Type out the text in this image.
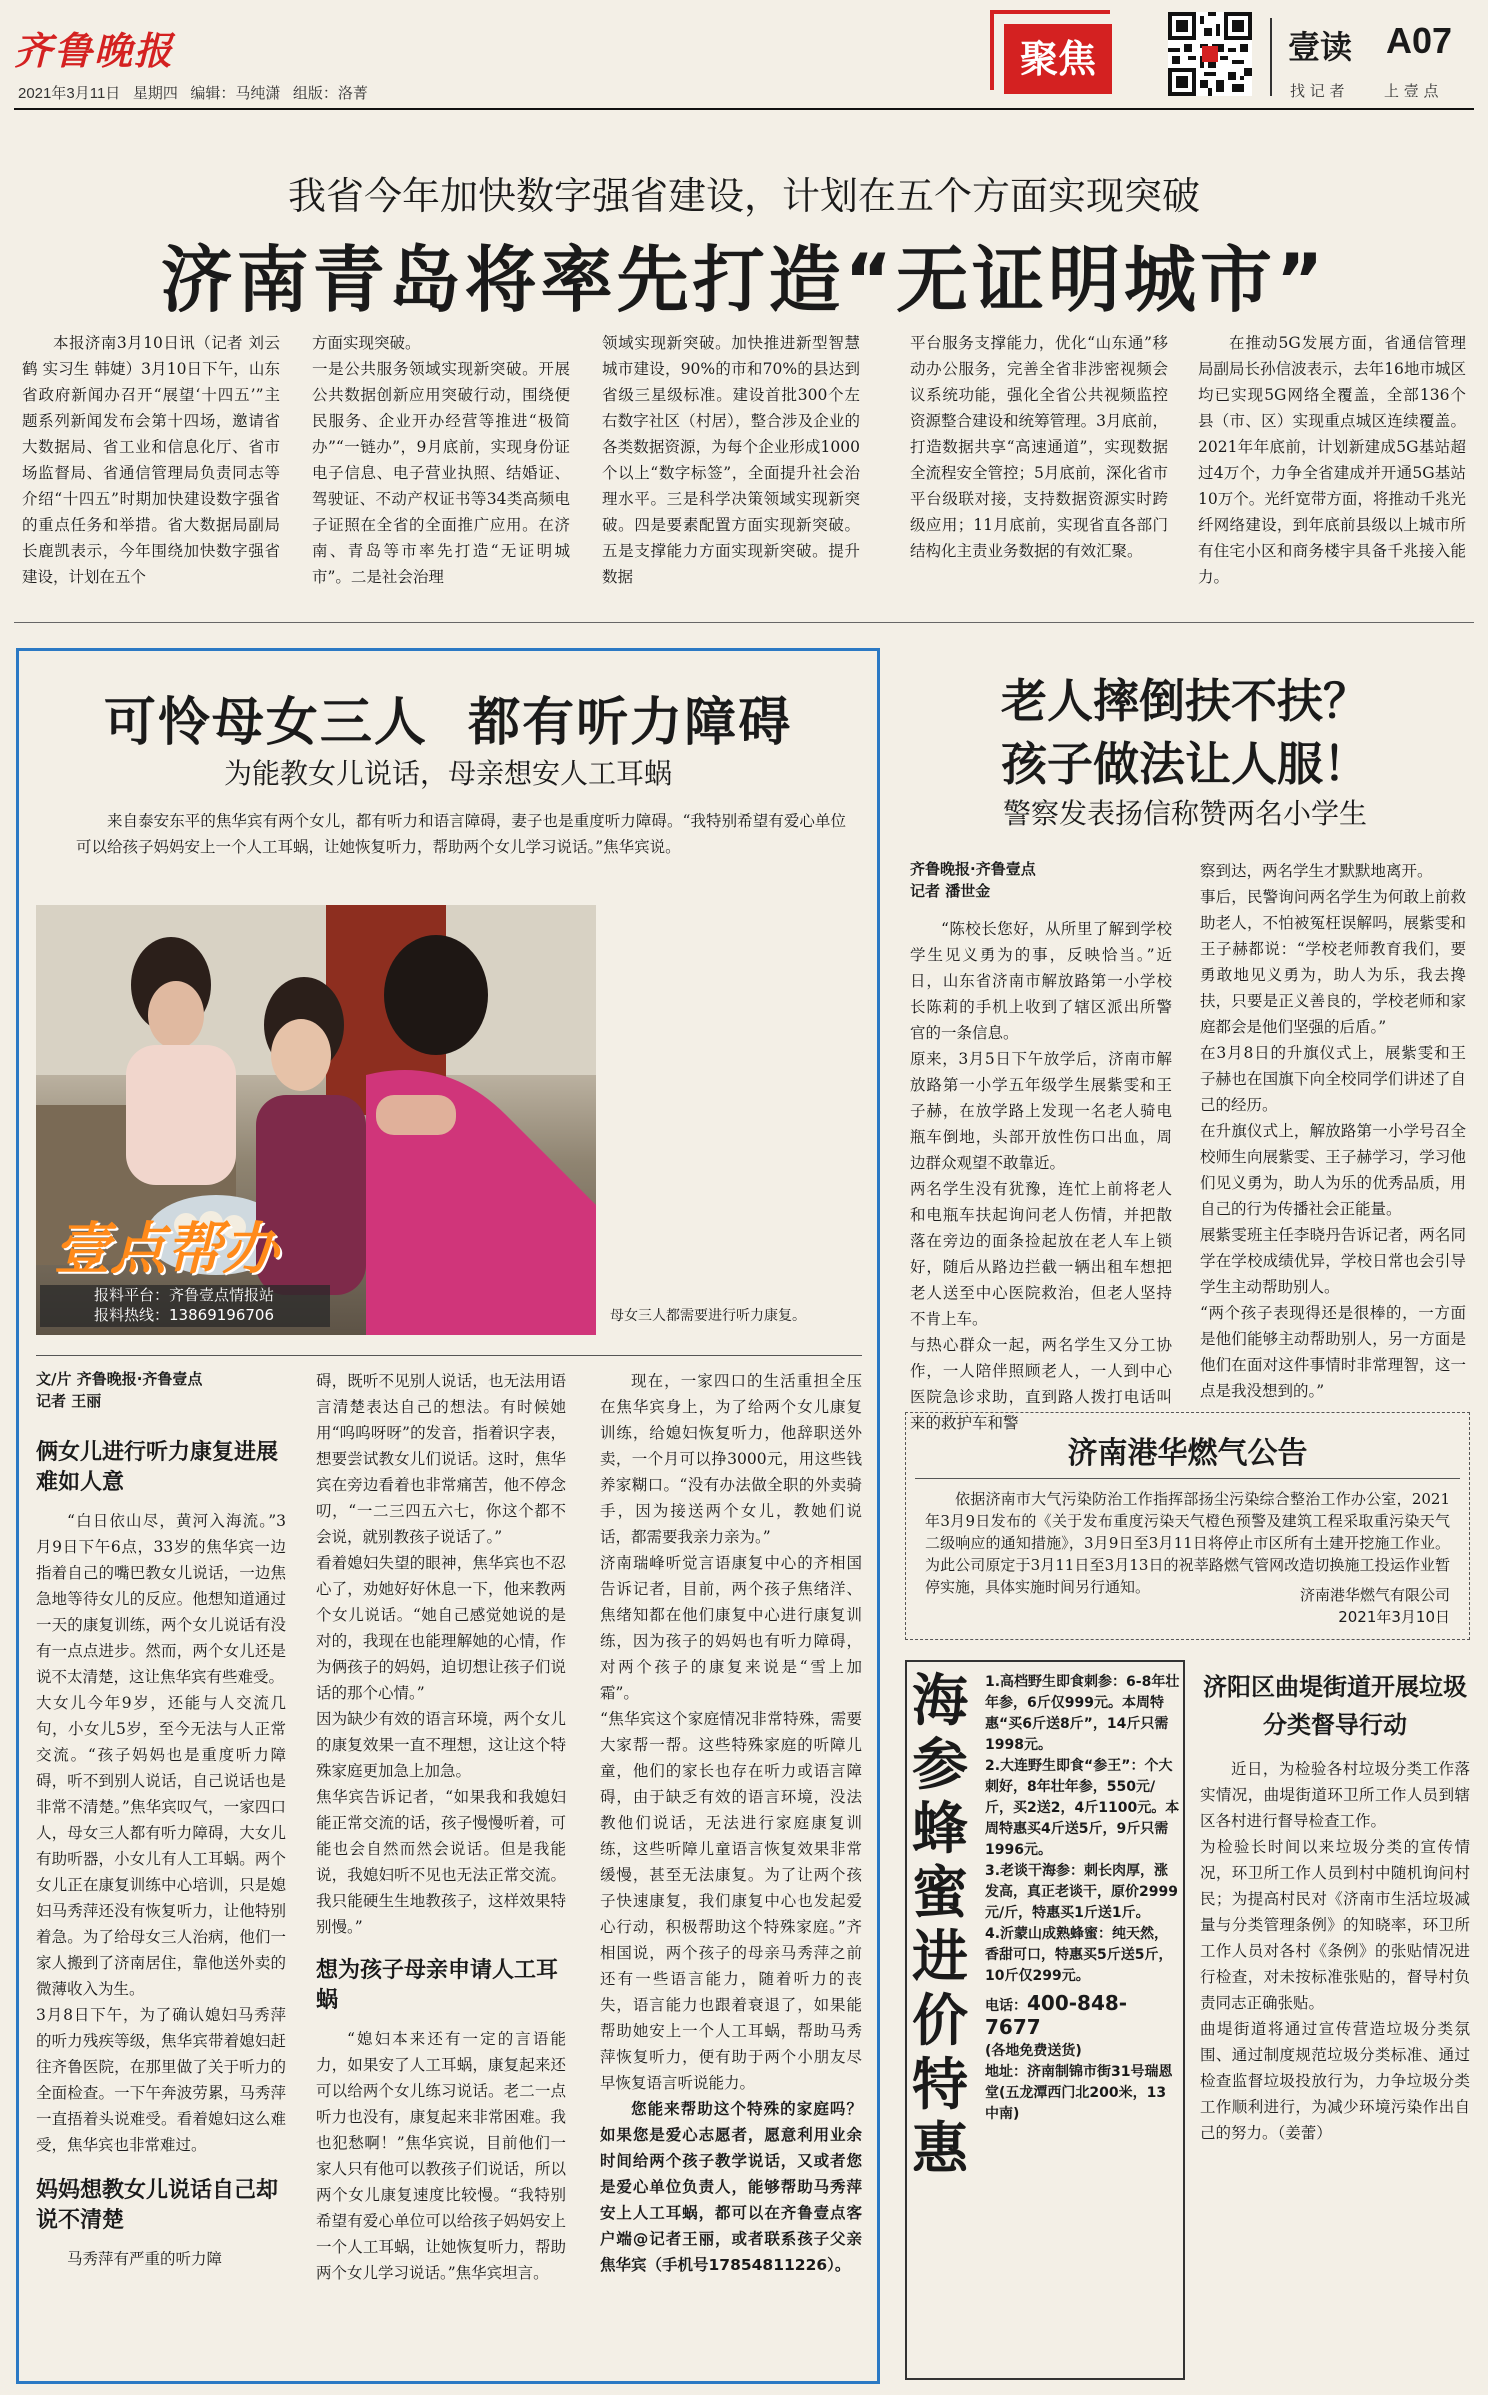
齐鲁晚报
2021年3月11日 星期四 编辑：马纯潇 组版：洛菁
聚焦	壹读 A07
找 记 者	上 壹 点
我省今年加快数字强省建设，计划在五个方面实现突破
济南青岛将率先打造“无证明城市”

本报济南3月10日讯（记者 刘云鹤 实习生 韩婕）3月10日下午，山东省政府新闻办召开“展望‘十四五’”主题系列新闻发布会第十四场，邀请省大数据局、省工业和信息化厅、省市场监督局、省通信管理局负责同志等介绍“十四五”时期加快建设数字强省的重点任务和举措。省大数据局副局长鹿凯表示，今年围绕加快数字强省建设，计划在五个

方面实现突破。
一是公共服务领域实现新突破。开展公共数据创新应用突破行动，围绕便民服务、企业开办经营等推进“极简办”“一链办”，9月底前，实现身份证电子信息、电子营业执照、结婚证、驾驶证、不动产权证书等34类高频电子证照在全省的全面推广应用。在济南、青岛等市率先打造“无证明城市”。二是社会治理

领域实现新突破。加快推进新型智慧城市建设，90%的市和70%的县达到省级三星级标准。建设首批300个左右数字社区（村居），整合涉及企业的各类数据资源，为每个企业形成1000个以上“数字标签”，全面提升社会治理水平。三是科学决策领域实现新突破。四是要素配置方面实现新突破。五是支撑能力方面实现新突破。提升数据

平台服务支撑能力，优化“山东通”移动办公服务，完善全省非涉密视频会议系统功能，强化全省公共视频监控资源整合建设和统筹管理。3月底前，打造数据共享“高速通道”，实现数据全流程安全管控；5月底前，深化省市平台级联对接，支持数据资源实时跨级应用；11月底前，实现省直各部门结构化主责业务数据的有效汇聚。

在推动5G发展方面，省通信管理局副局长孙信波表示，去年16地市城区均已实现5G网络全覆盖，全部136个县（市、区）实现重点城区连续覆盖。2021年年底前，计划新建成5G基站超过4万个，力争全省建成并开通5G基站10万个。光纤宽带方面，将推动千兆光纤网络建设，到年底前县级以上城市所有住宅小区和商务楼宇具备千兆接入能力。

可怜母女三人  都有听力障碍
为能教女儿说话，母亲想安人工耳蜗

来自泰安东平的焦华宾有两个女儿，都有听力和语言障碍，妻子也是重度听力障碍。“我特别希望有爱心单位可以给孩子妈妈安上一个人工耳蜗，让她恢复听力，帮助两个女儿学习说话。”焦华宾说。

壹点帮办
报料平台：齐鲁壹点情报站
报料热线：13869196706	母女三人都需要进行听力康复。
文/片 齐鲁晚报·齐鲁壹点
记者 王丽
俩女儿进行听力康复进展难如人意

“白日依山尽，黄河入海流。”3月9日下午6点，33岁的焦华宾一边指着自己的嘴巴教女儿说话，一边焦急地等待女儿的反应。他想知道通过一天的康复训练，两个女儿说话有没有一点点进步。然而，两个女儿还是说不太清楚，这让焦华宾有些难受。
大女儿今年9岁，还能与人交流几句，小女儿5岁，至今无法与人正常交流。“孩子妈妈也是重度听力障碍，听不到别人说话，自己说话也是非常不清楚。”焦华宾叹气，一家四口人，母女三人都有听力障碍，大女儿有助听器，小女儿有人工耳蜗。两个女儿正在康复训练中心培训，只是媳妇马秀萍还没有恢复听力，让他特别着急。为了给母女三人治病，他们一家人搬到了济南居住，靠他送外卖的微薄收入为生。
3月8日下午，为了确认媳妇马秀萍的听力残疾等级，焦华宾带着媳妇赶往齐鲁医院，在那里做了关于听力的全面检查。一下午奔波劳累，马秀萍一直捂着头说难受。看着媳妇这么难受，焦华宾也非常难过。

妈妈想教女儿说话自己却说不清楚

马秀萍有严重的听力障

碍，既听不见别人说话，也无法用语言清楚表达自己的想法。有时候她用“呜呜呀呀”的发音，指着识字表，想要尝试教女儿们说话。这时，焦华宾在旁边看着也非常痛苦，他不停念叨，“一二三四五六七，你这个都不会说，就别教孩子说话了。”
看着媳妇失望的眼神，焦华宾也不忍心了，劝她好好休息一下，他来教两个女儿说话。“她自己感觉她说的是对的，我现在也能理解她的心情，作为俩孩子的妈妈，迫切想让孩子们说话的那个心情。”
因为缺少有效的语言环境，两个女儿的康复效果一直不理想，这让这个特殊家庭更加急上加急。
焦华宾告诉记者，“如果我和我媳妇能正常交流的话，孩子慢慢听着，可能也会自然而然会说话。但是我能说，我媳妇听不见也无法正常交流。我只能硬生生地教孩子，这样效果特别慢。”

想为孩子母亲申请人工耳蜗

“媳妇本来还有一定的言语能力，如果安了人工耳蜗，康复起来还可以给两个女儿练习说话。老二一点听力也没有，康复起来非常困难。我也犯愁啊！”焦华宾说，目前他们一家人只有他可以教孩子们说话，所以两个女儿康复速度比较慢。“我特别希望有爱心单位可以给孩子妈妈安上一个人工耳蜗，让她恢复听力，帮助两个女儿学习说话。”焦华宾坦言。

现在，一家四口的生活重担全压在焦华宾身上，为了给两个女儿康复训练，给媳妇恢复听力，他辞职送外卖，一个月可以挣3000元，用这些钱养家糊口。“没有办法做全职的外卖骑手，因为接送两个女儿，教她们说话，都需要我亲力亲为。”
济南瑞峰听觉言语康复中心的齐相国告诉记者，目前，两个孩子焦绪洋、焦绪知都在他们康复中心进行康复训练，因为孩子的妈妈也有听力障碍，对两个孩子的康复来说是“雪上加霜”。
“焦华宾这个家庭情况非常特殊，需要大家帮一帮。这些特殊家庭的听障儿童，他们的家长也存在听力或语言障碍，由于缺乏有效的语言环境，没法教他们说话，无法进行家庭康复训练，这些听障儿童语言恢复效果非常缓慢，甚至无法康复。为了让两个孩子快速康复，我们康复中心也发起爱心行动，积极帮助这个特殊家庭。”齐相国说，两个孩子的母亲马秀萍之前还有一些语言能力，随着听力的丧失，语言能力也跟着衰退了，如果能帮助她安上一个人工耳蜗，帮助马秀萍恢复听力，便有助于两个小朋友尽早恢复语言听说能力。

您能来帮助这个特殊的家庭吗？如果您是爱心志愿者，愿意利用业余时间给两个孩子教学说话，又或者您是爱心单位负责人，能够帮助马秀萍安上人工耳蜗，都可以在齐鲁壹点客户端@记者王丽，或者联系孩子父亲焦华宾（手机号17854811226）。

老人摔倒扶不扶？
孩子做法让人服！
警察发表扬信称赞两名小学生
齐鲁晚报·齐鲁壹点
记者 潘世金

“陈校长您好，从所里了解到学校学生见义勇为的事，反映恰当。”近日，山东省济南市解放路第一小学校长陈莉的手机上收到了辖区派出所警官的一条信息。
原来，3月5日下午放学后，济南市解放路第一小学五年级学生展紫雯和王子赫，在放学路上发现一名老人骑电瓶车倒地，头部开放性伤口出血，周边群众观望不敢靠近。
两名学生没有犹豫，连忙上前将老人和电瓶车扶起询问老人伤情，并把散落在旁边的面条捡起放在老人车上锁好，随后从路边拦截一辆出租车想把老人送至中心医院救治，但老人坚持不肯上车。
与热心群众一起，两名学生又分工协作，一人陪伴照顾老人，一人到中心医院急诊求助，直到路人拨打电话叫来的救护车和警

察到达，两名学生才默默地离开。
事后，民警询问两名学生为何敢上前救助老人，不怕被冤枉误解吗，展紫雯和王子赫都说：“学校老师教育我们，要勇敢地见义勇为，助人为乐，我去搀扶，只要是正义善良的，学校老师和家庭都会是他们坚强的后盾。”
在3月8日的升旗仪式上，展紫雯和王子赫也在国旗下向全校同学们讲述了自己的经历。
在升旗仪式上，解放路第一小学号召全校师生向展紫雯、王子赫学习，学习他们见义勇为，助人为乐的优秀品质，用自己的行为传播社会正能量。
展紫雯班主任李晓丹告诉记者，两名同学在学校成绩优异，学校日常也会引导学生主动帮助别人。
“两个孩子表现得还是很棒的，一方面是他们能够主动帮助别人，另一方面是他们在面对这件事情时非常理智，这一点是我没想到的。”

济南港华燃气公告

依据济南市大气污染防治工作指挥部扬尘污染综合整治工作办公室，2021年3月9日发布的《关于发布重度污染天气橙色预警及建筑工程采取重污染天气二级响应的通知措施》，3月9日至3月11日将停止市区所有土建开挖施工作业。为此公司原定于3月11日至3月13日的祝莘路燃气管网改造切换施工投运作业暂停实施，具体实施时间另行通知。	济南港华燃气有限公司
2021年3月10日
海参蜂蜜进价特惠
1.高档野生即食刺参：6-8年壮年参，6斤仅999元。本周特惠“买6斤送8斤”，14斤只需1998元。
2.大连野生即食“参王”：个大刺好，8年壮年参，550元/斤，买2送2，4斤1100元。本周特惠买4斤送5斤，9斤只需1996元。
3.老谈干海参：刺长肉厚，涨发高，真正老谈干，原价2999元/斤，特惠买1斤送1斤。
4.沂蒙山成熟蜂蜜：纯天然，香甜可口，特惠买5斤送5斤，10斤仅299元。
电话：400-848-7677
(各地免费送货)
地址：济南制锦市街31号瑞恩堂(五龙潭西门北200米，13中南)
济阳区曲堤街道开展垃圾分类督导行动

近日，为检验各村垃圾分类工作落实情况，曲堤街道环卫所工作人员到辖区各村进行督导检查工作。
为检验长时间以来垃圾分类的宣传情况，环卫所工作人员到村中随机询问村民；为提高村民对《济南市生活垃圾减量与分类管理条例》的知晓率，环卫所工作人员对各村《条例》的张贴情况进行检查，对未按标准张贴的，督导村负责同志正确张贴。
曲堤街道将通过宣传营造垃圾分类氛围、通过制度规范垃圾分类标准、通过检查监督垃圾投放行为，力争垃圾分类工作顺利进行，为减少环境污染作出自己的努力。（姜蕾）
